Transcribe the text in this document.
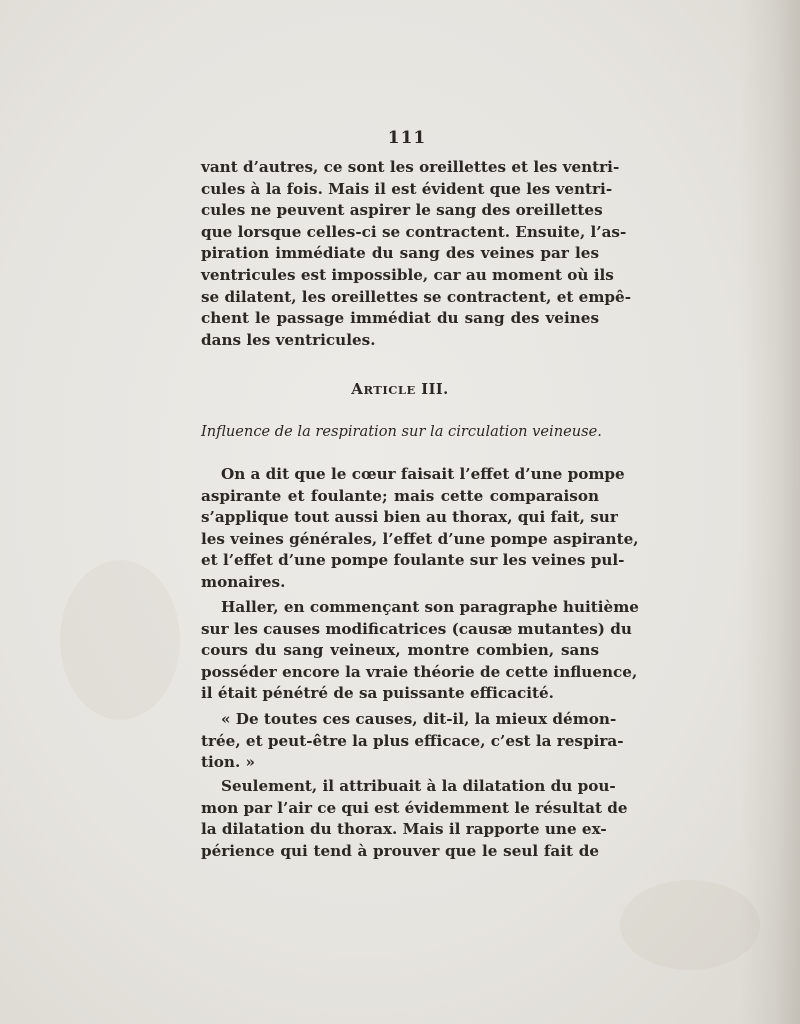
111
vant d’autres, ce sont les oreillettes et les ventri-
cules à la fois. Mais il est évident que les ventri-
cules ne peuvent aspirer le sang des oreillettes
que lorsque celles-ci se contractent. Ensuite, l’as-
piration immédiate du sang des veines par les
ventricules est impossible, car au moment où ils
se dilatent, les oreillettes se contractent, et empê-
chent le passage immédiat du sang des veines
dans les ventricules.
ARTICLE III.
Influence de la respiration sur la circulation veineuse.
On a dit que le cœur faisait l’effet d’une pompe
aspirante et foulante; mais cette comparaison
s’applique tout aussi bien au thorax, qui fait, sur
les veines générales, l’effet d’une pompe aspirante,
et l’effet d’une pompe foulante sur les veines pul-
monaires.
Haller, en commençant son paragraphe huitième
sur les causes modificatrices (causæ mutantes) du
cours du sang veineux, montre combien, sans
posséder encore la vraie théorie de cette influence,
il était pénétré de sa puissante efficacité.
« De toutes ces causes, dit-il, la mieux démon-
trée, et peut-être la plus efficace, c’est la respira-
tion. »
Seulement, il attribuait à la dilatation du pou-
mon par l’air ce qui est évidemment le résultat de
la dilatation du thorax. Mais il rapporte une ex-
périence qui tend à prouver que le seul fait de
